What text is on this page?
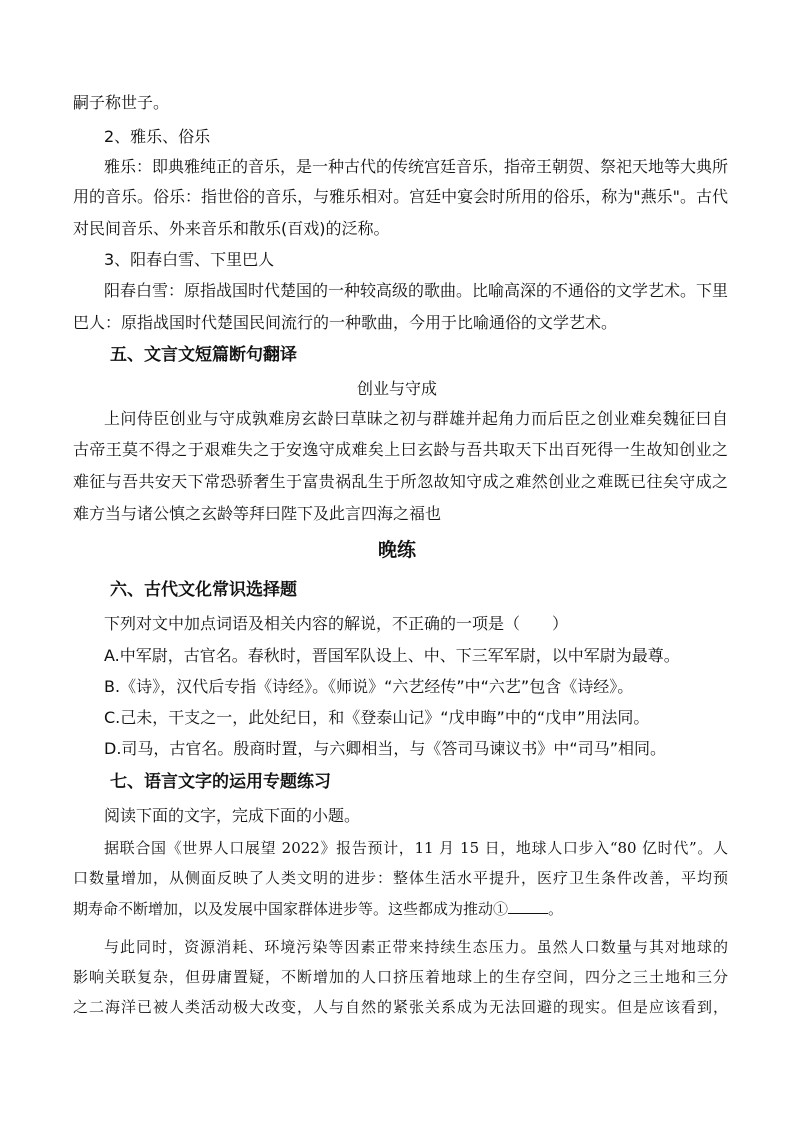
嗣子称世子。
2、雅乐、俗乐
雅乐：即典雅纯正的音乐，是一种古代的传统宫廷音乐，指帝王朝贺、祭祀天地等大典所
用的音乐。俗乐：指世俗的音乐，与雅乐相对。宫廷中宴会时所用的俗乐，称为"燕乐"。古代
对民间音乐、外来音乐和散乐(百戏)的泛称。
3、阳春白雪、下里巴人
阳春白雪：原指战国时代楚国的一种较高级的歌曲。比喻高深的不通俗的文学艺术。下里
巴人：原指战国时代楚国民间流行的一种歌曲，今用于比喻通俗的文学艺术。
五、文言文短篇断句翻译
创业与守成
上问侍臣创业与守成孰难房玄龄曰草昧之初与群雄并起角力而后臣之创业难矣魏征曰自
古帝王莫不得之于艰难失之于安逸守成难矣上曰玄龄与吾共取天下出百死得一生故知创业之
难征与吾共安天下常恐骄奢生于富贵祸乱生于所忽故知守成之难然创业之难既已往矣守成之
难方当与诸公慎之玄龄等拜曰陛下及此言四海之福也
晚练
六、古代文化常识选择题
下列对文中加点词语及相关内容的解说，不正确的一项是（　　）
A.中军尉，古官名。春秋时，晋国军队设上、中、下三军军尉，以中军尉为最尊。
B.《诗》，汉代后专指《诗经》。《师说》“六艺经传”中“六艺”包含《诗经》。
C.己未，干支之一，此处纪日，和《登泰山记》“戊申晦”中的“戊申”用法同。
D.司马，古官名。殷商时置，与六卿相当，与《答司马谏议书》中“司马”相同。
七、语言文字的运用专题练习
阅读下面的文字，完成下面的小题。
据联合国《世界人口展望 2022》报告预计，11 月 15 日，地球人口步入“80 亿时代”。人
口数量增加，从侧面反映了人类文明的进步：整体生活水平提升，医疗卫生条件改善，平均预
期寿命不断增加，以及发展中国家群体进步等。这些都成为推动①	。
与此同时，资源消耗、环境污染等因素正带来持续生态压力。虽然人口数量与其对地球的
影响关联复杂，但毋庸置疑，不断增加的人口挤压着地球上的生存空间，四分之三土地和三分
之二海洋已被人类活动极大改变，人与自然的紧张关系成为无法回避的现实。但是应该看到，
